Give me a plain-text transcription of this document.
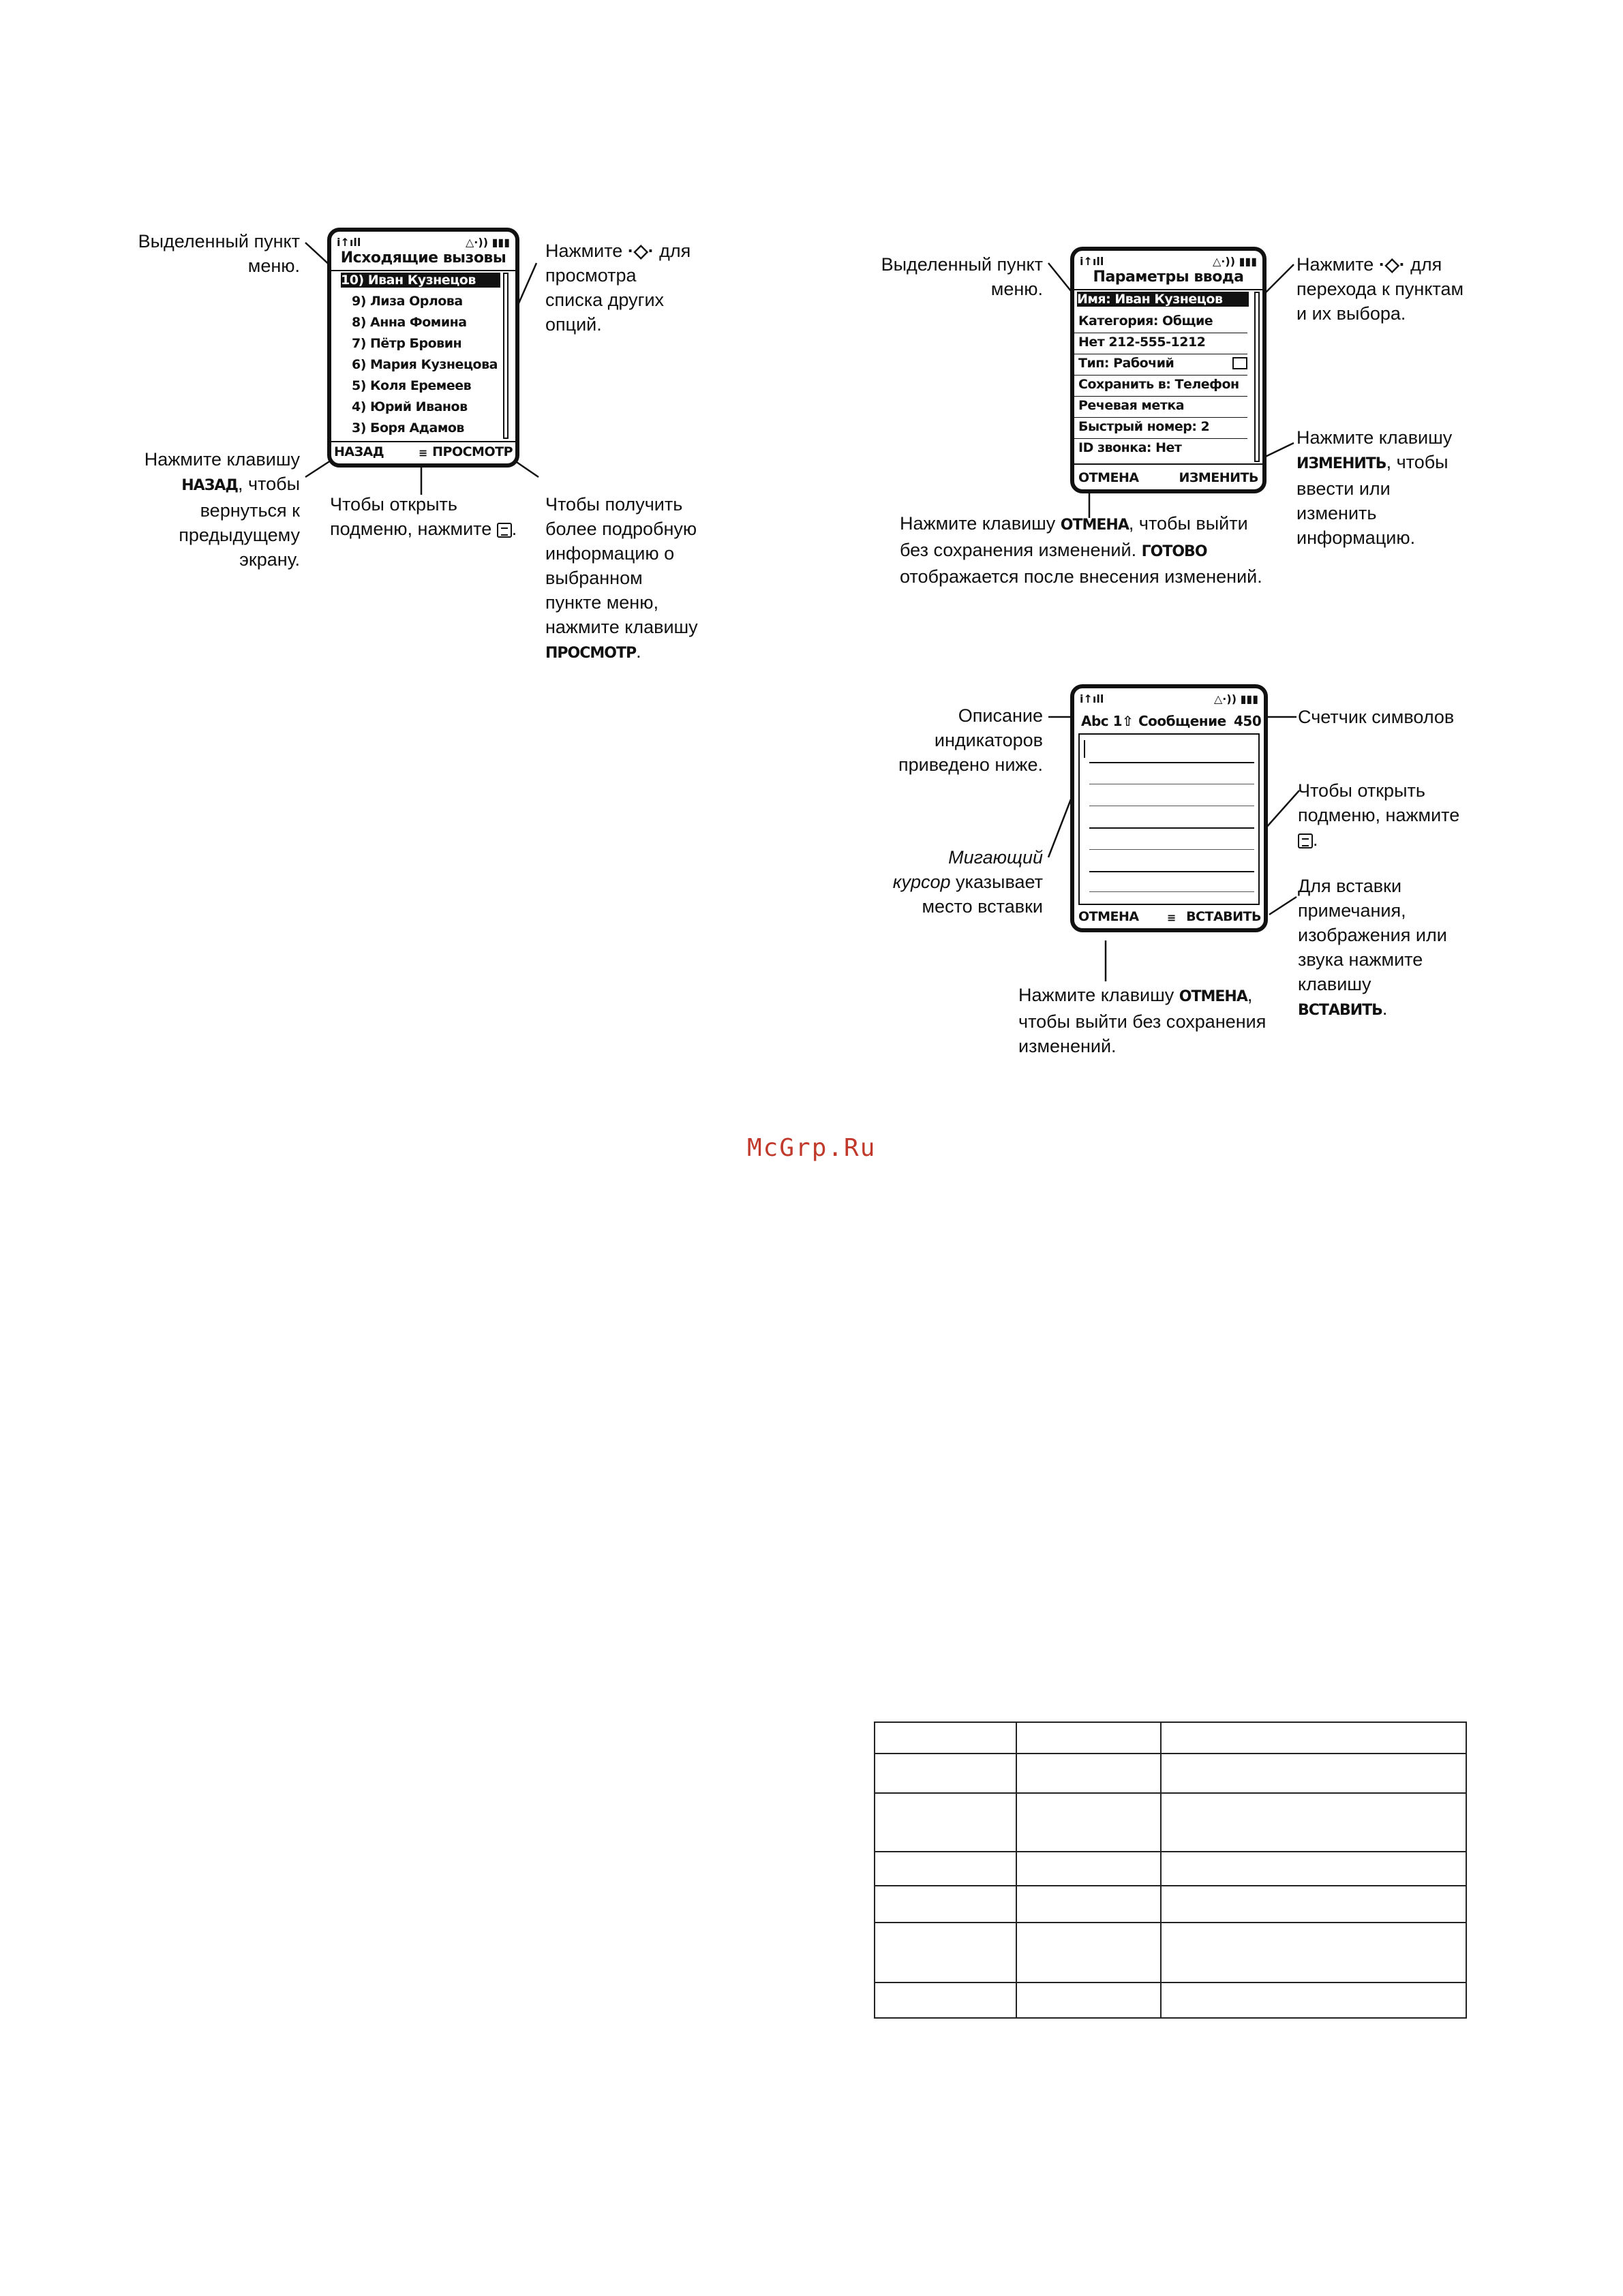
i↑ıll	△·)) ▮▮▮
Исходящие вызовы
10) Иван Кузнецов
9) Лиза Орлова
8) Анна Фомина
7) Пётр Бровин
6) Мария Кузнецова
5) Коля Еремеев
4) Юрий Иванов
3) Боря Адамов
НАЗАД	≡ ПРОСМОТР
Выделенный пункт меню.
Нажмите ·◇· для просмотра списка других опций.
Нажмите клавишу НАЗАД, чтобы вернуться к предыдущему экрану.
Чтобы открыть подменю, нажмите .
Чтобы получить более подробную информацию о выбранном пункте меню, нажмите клавишу ПРОСМОТР.
i↑ıll	△·)) ▮▮▮
Параметры ввода
Имя: Иван Кузнецов
Категория: Общие
Нет 212-555-1212
Тип: Рабочий
Сохранить в: Телефон
Речевая метка
Быстрый номер: 2
ID звонка: Нет
ОТМЕНА	ИЗМЕНИТЬ
Выделенный пункт меню.
Нажмите ·◇· для перехода к пунктам и их выбора.
Нажмите клавишу ИЗМЕНИТЬ, чтобы ввести или изменить информацию.
Нажмите клавишу ОТМЕНА, чтобы выйти без сохранения изменений. ГОТОВО отображается после внесения изменений.
i↑ıll	△·)) ▮▮▮
Abc 1⇧ Сообщение 450
ОТМЕНА	≡ ВСТАВИТЬ
Описание индикаторов приведено ниже.
Счетчик символов
Мигающий курсор указывает место вставки
Чтобы открыть подменю, нажмите .
Для вставки примечания, изображения или звука нажмите клавишу ВСТАВИТЬ.
Нажмите клавишу ОТМЕНА, чтобы выйти без сохранения изменений.
McGrp.Ru
